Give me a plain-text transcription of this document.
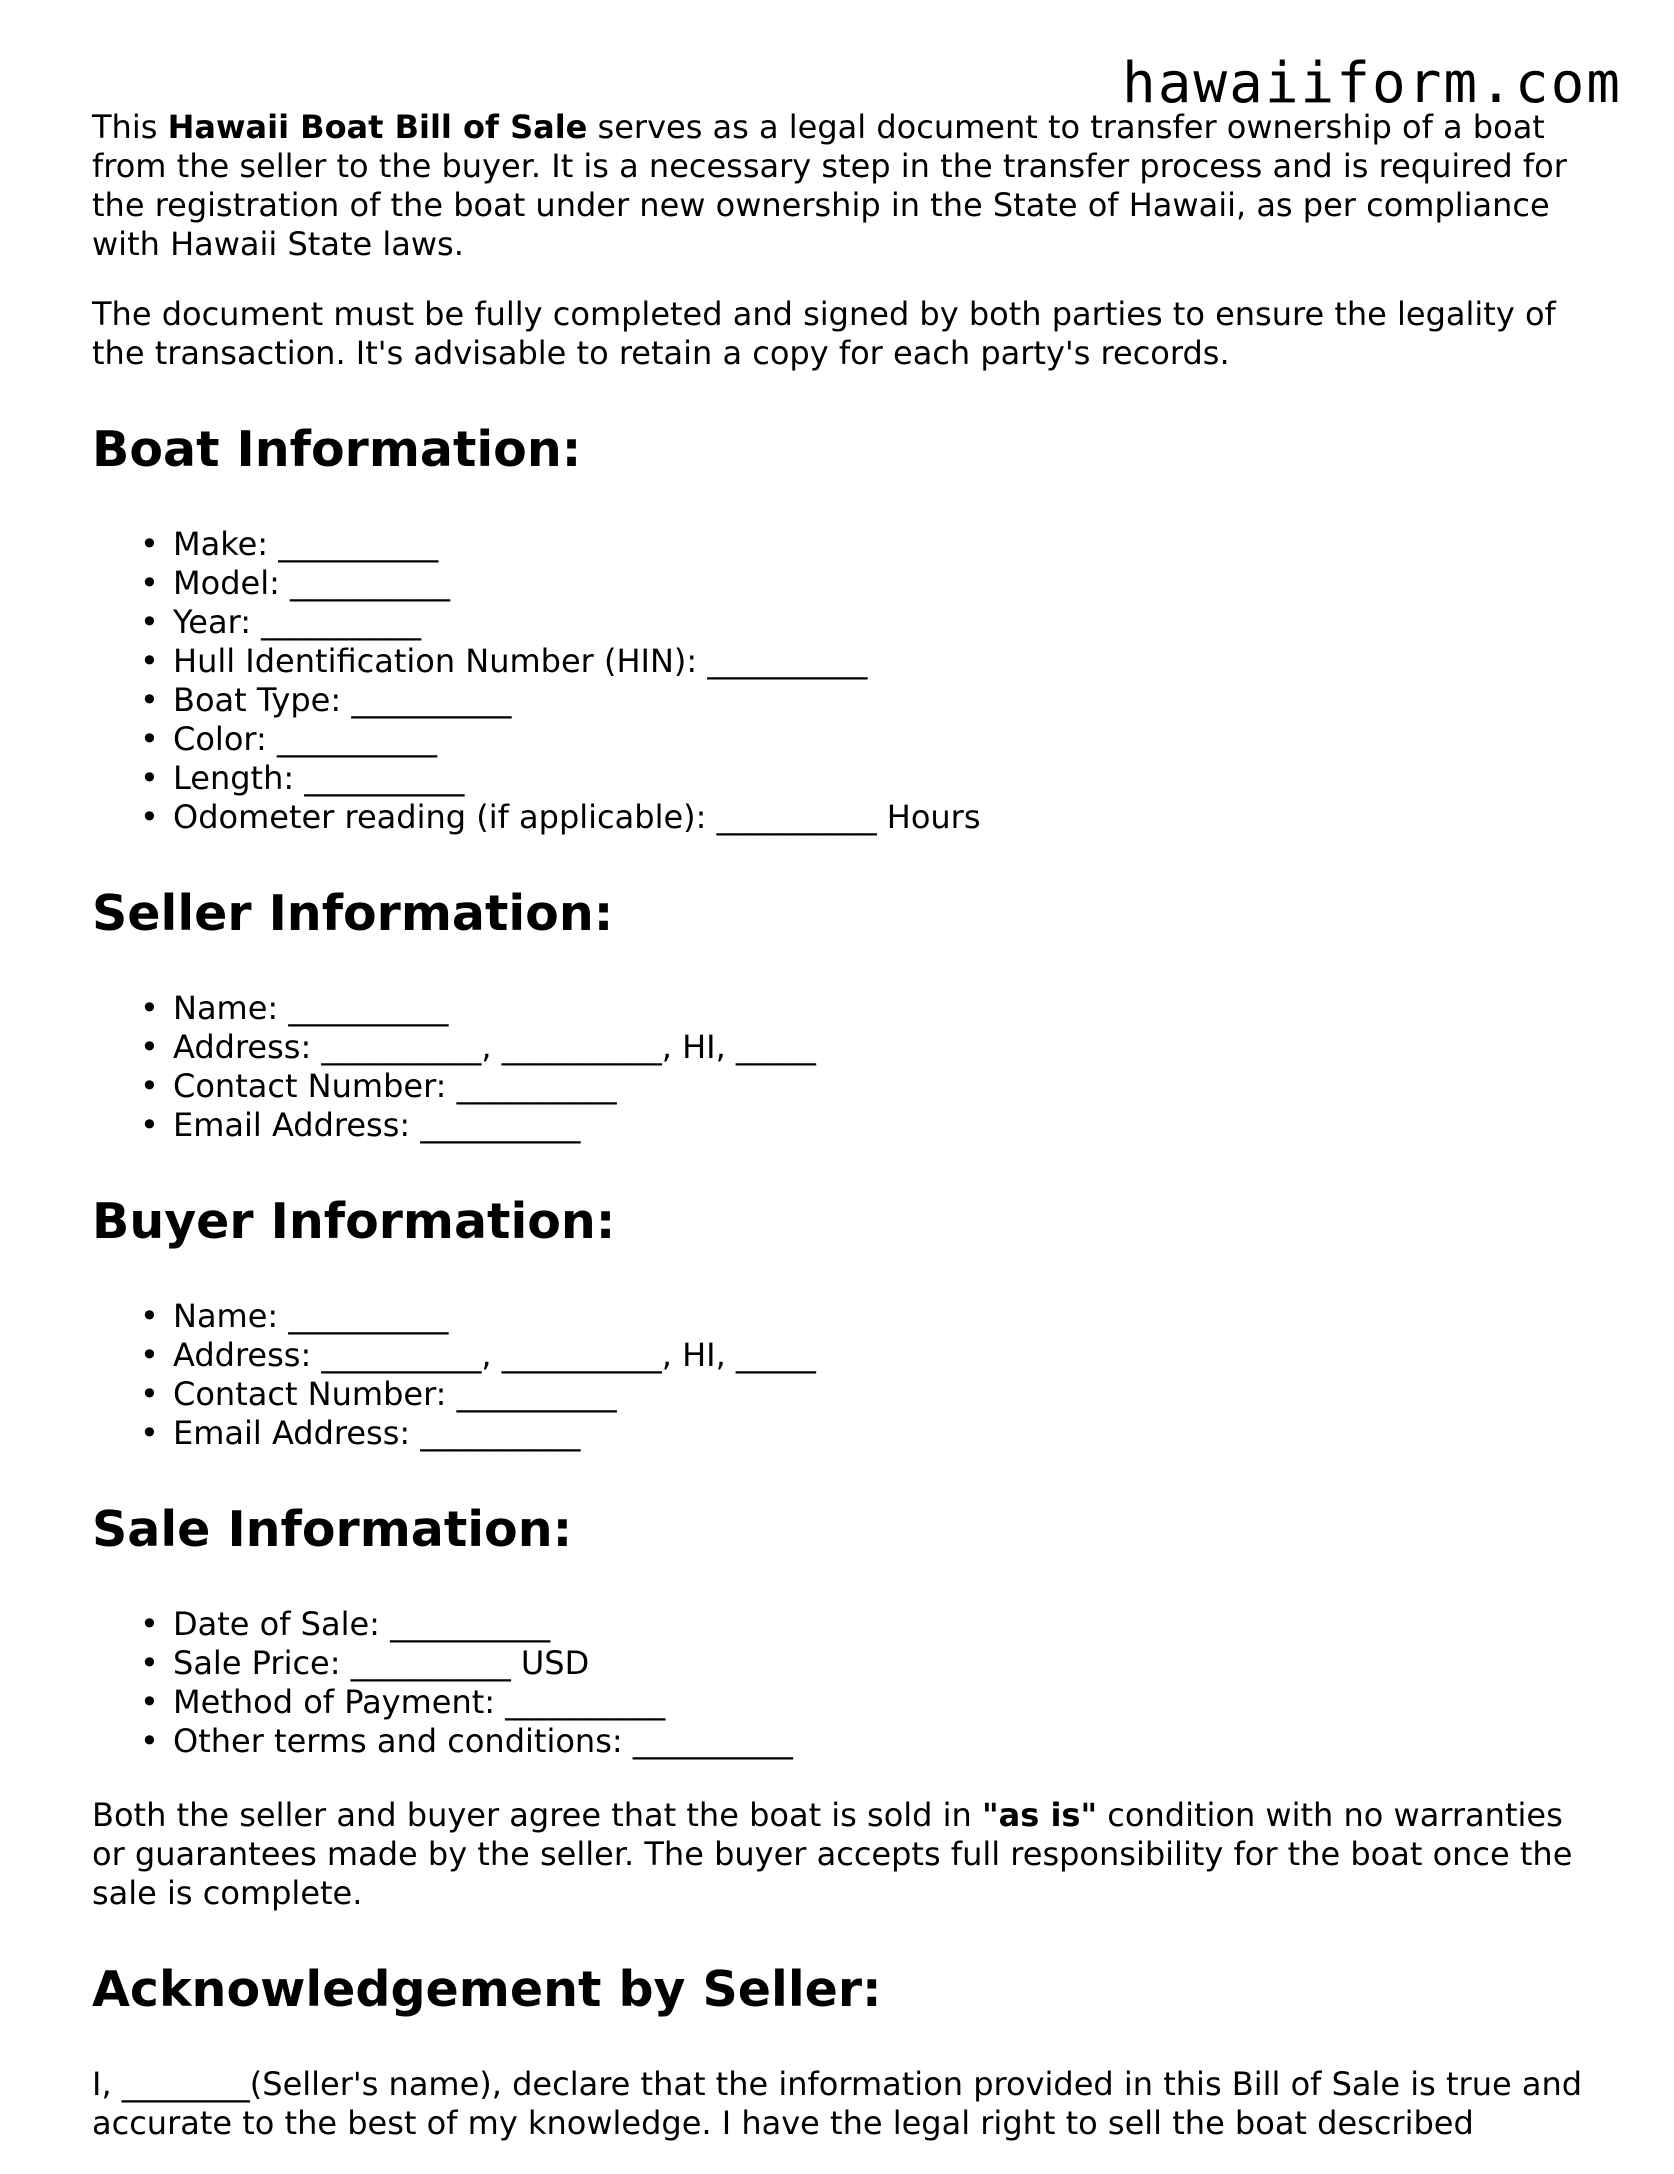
hawaiiform.com

This Hawaii Boat Bill of Sale serves as a legal document to transfer ownership of a boat from the seller to the buyer. It is a necessary step in the transfer process and is required for the registration of the boat under new ownership in the State of Hawaii, as per compliance with Hawaii State laws.

The document must be fully completed and signed by both parties to ensure the legality of the transaction. It's advisable to retain a copy for each party's records.

Boat Information:
• Make: __________
• Model: __________
• Year: __________
• Hull Identification Number (HIN): __________
• Boat Type: __________
• Color: __________
• Length: __________
• Odometer reading (if applicable): __________ Hours
Seller Information:
• Name: __________
• Address: __________, __________, HI, _____
• Contact Number: __________
• Email Address: __________
Buyer Information:
• Name: __________
• Address: __________, __________, HI, _____
• Contact Number: __________
• Email Address: __________
Sale Information:
• Date of Sale: __________
• Sale Price: __________ USD
• Method of Payment: __________
• Other terms and conditions: __________

Both the seller and buyer agree that the boat is sold in "as is" condition with no warranties or guarantees made by the seller. The buyer accepts full responsibility for the boat once the sale is complete.

Acknowledgement by Seller:

I, ________(Seller's name), declare that the information provided in this Bill of Sale is true and accurate to the best of my knowledge. I have the legal right to sell the boat described
